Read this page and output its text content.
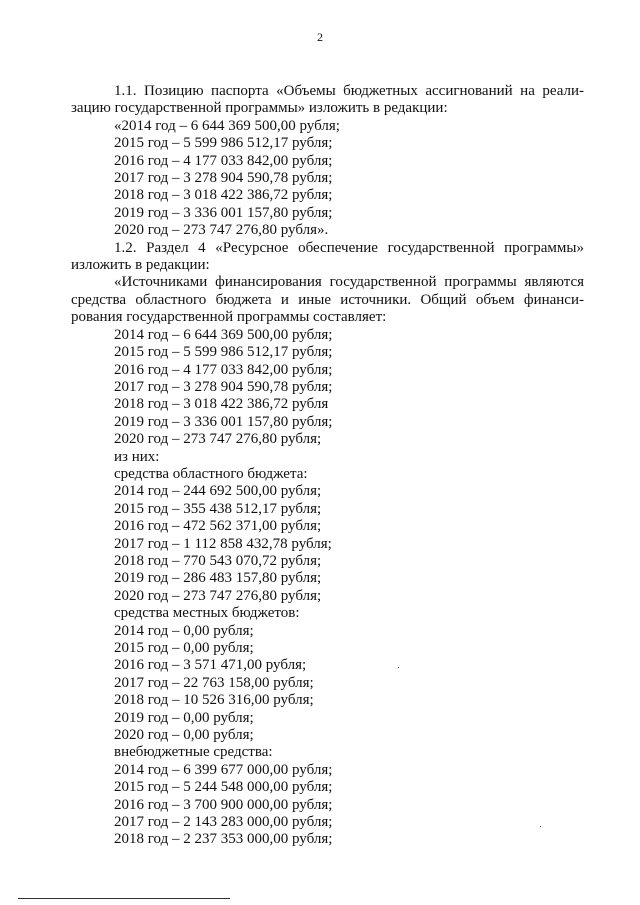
2
1.1. Позицию паспорта «Объемы бюджетных ассигнований на реали-
зацию государственной программы» изложить в редакции:
«2014 год – 6 644 369 500,00 рубля;
2015 год – 5 599 986 512,17 рубля;
2016 год – 4 177 033 842,00 рубля;
2017 год – 3 278 904 590,78 рубля;
2018 год – 3 018 422 386,72 рубля;
2019 год – 3 336 001 157,80 рубля;
2020 год – 273 747 276,80 рубля».
1.2. Раздел 4 «Ресурсное обеспечение государственной программы»
изложить в редакции:
«Источниками финансирования государственной программы являются
средства областного бюджета и иные источники. Общий объем финанси-
рования государственной программы составляет:
2014 год – 6 644 369 500,00 рубля;
2015 год – 5 599 986 512,17 рубля;
2016 год – 4 177 033 842,00 рубля;
2017 год – 3 278 904 590,78 рубля;
2018 год – 3 018 422 386,72 рубля
2019 год – 3 336 001 157,80 рубля;
2020 год – 273 747 276,80 рубля;
из них:
средства областного бюджета:
2014 год – 244 692 500,00 рубля;
2015 год – 355 438 512,17 рубля;
2016 год – 472 562 371,00 рубля;
2017 год – 1 112 858 432,78 рубля;
2018 год – 770 543 070,72 рубля;
2019 год – 286 483 157,80 рубля;
2020 год – 273 747 276,80 рубля;
средства местных бюджетов:
2014 год – 0,00 рубля;
2015 год – 0,00 рубля;
2016 год – 3 571 471,00 рубля;
2017 год – 22 763 158,00 рубля;
2018 год – 10 526 316,00 рубля;
2019 год – 0,00 рубля;
2020 год – 0,00 рубля;
внебюджетные средства:
2014 год – 6 399 677 000,00 рубля;
2015 год – 5 244 548 000,00 рубля;
2016 год – 3 700 900 000,00 рубля;
2017 год – 2 143 283 000,00 рубля;
2018 год – 2 237 353 000,00 рубля;
